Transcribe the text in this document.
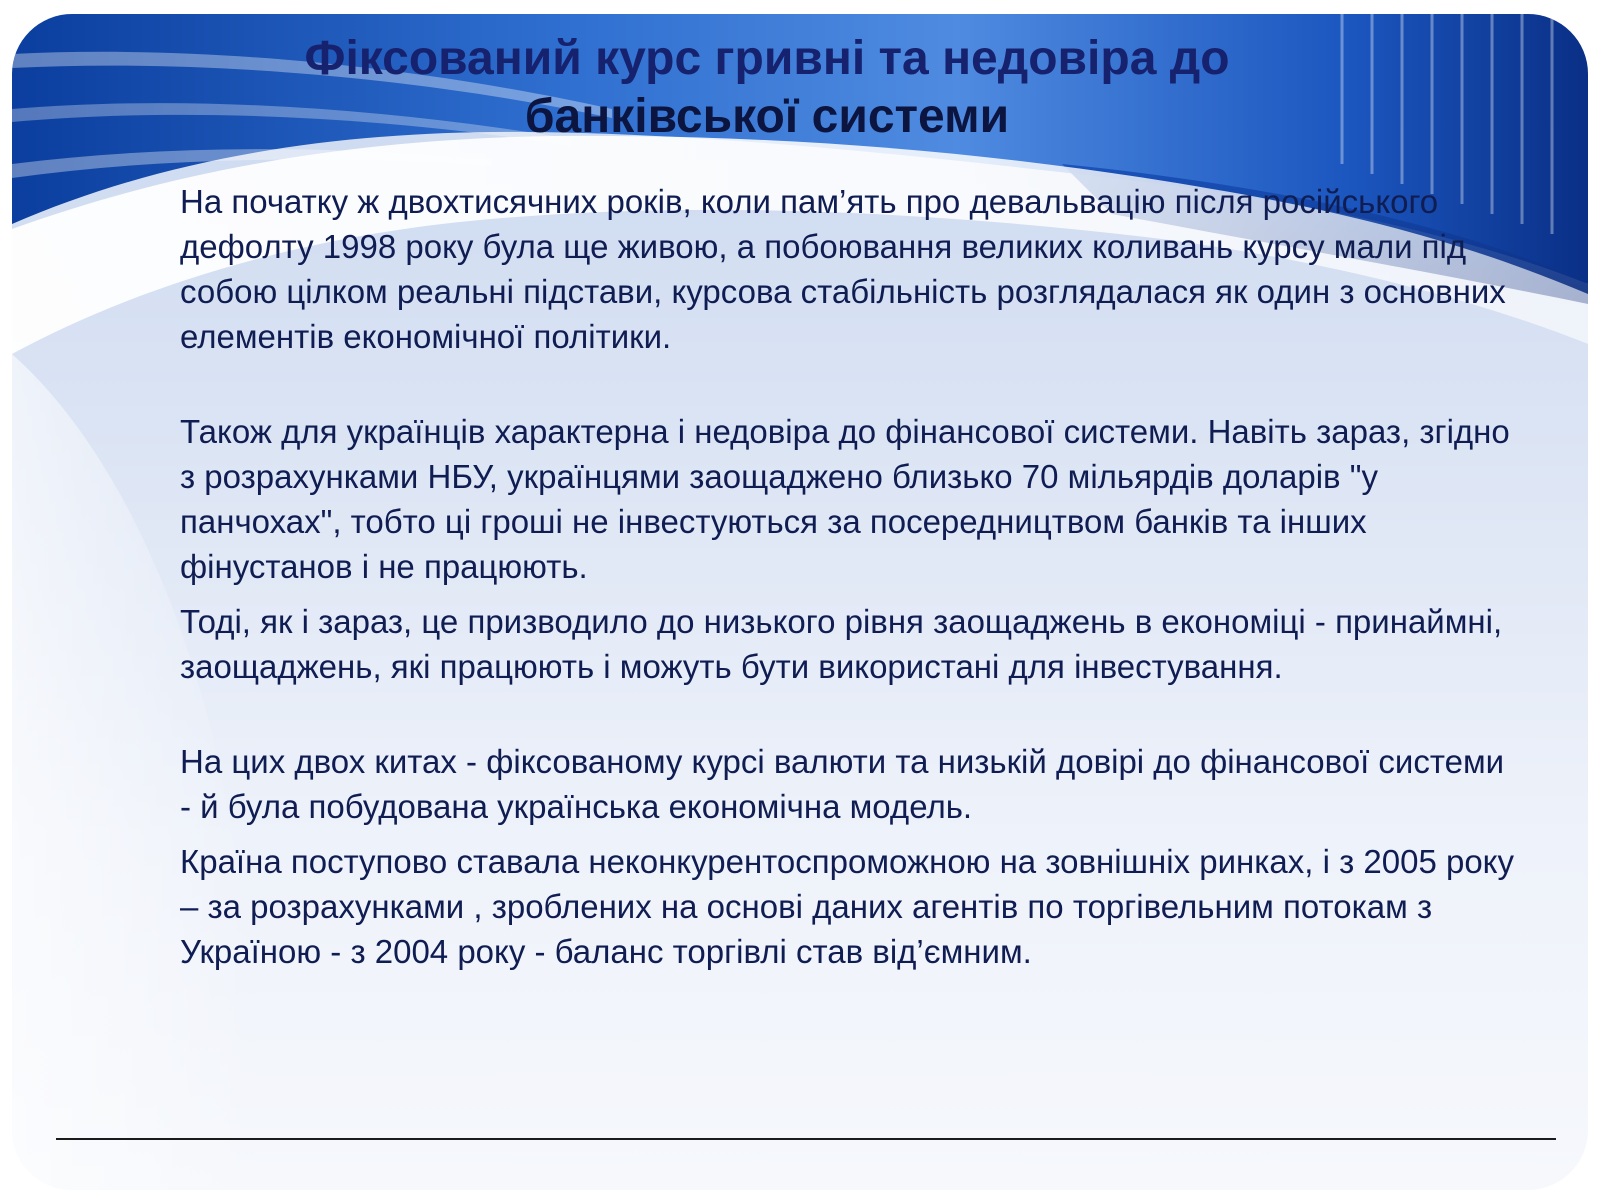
Фіксований курс гривні та недовіра до
банківської системи

На початку ж двохтисячних років, коли пам’ять про девальвацію після російського дефолту 1998 року була ще живою, а побоювання великих коливань курсу мали під собою цілком реальні підстави, курсова стабільність розглядалася як один з основних елементів економічної політики.

Також для українців характерна і недовіра до фінансової системи. Навіть зараз, згідно з розрахунками НБУ, українцями заощаджено близько 70 мільярдів доларів "у панчохах", тобто ці гроші не інвестуються за посередництвом банків та інших фінустанов і не працюють.

Тоді, як і зараз, це призводило до низького рівня заощаджень в економіці - принаймні, заощаджень, які працюють і можуть бути використані для інвестування.

На цих двох китах - фіксованому курсі валюти та низькій довірі до фінансової системи - й була побудована українська економічна модель.

Країна поступово ставала неконкурентоспроможною на зовнішніх ринках, і з 2005 року – за розрахунками , зроблених на основі даних агентів по торгівельним потокам з Україною - з 2004 року - баланс торгівлі став від’ємним.
